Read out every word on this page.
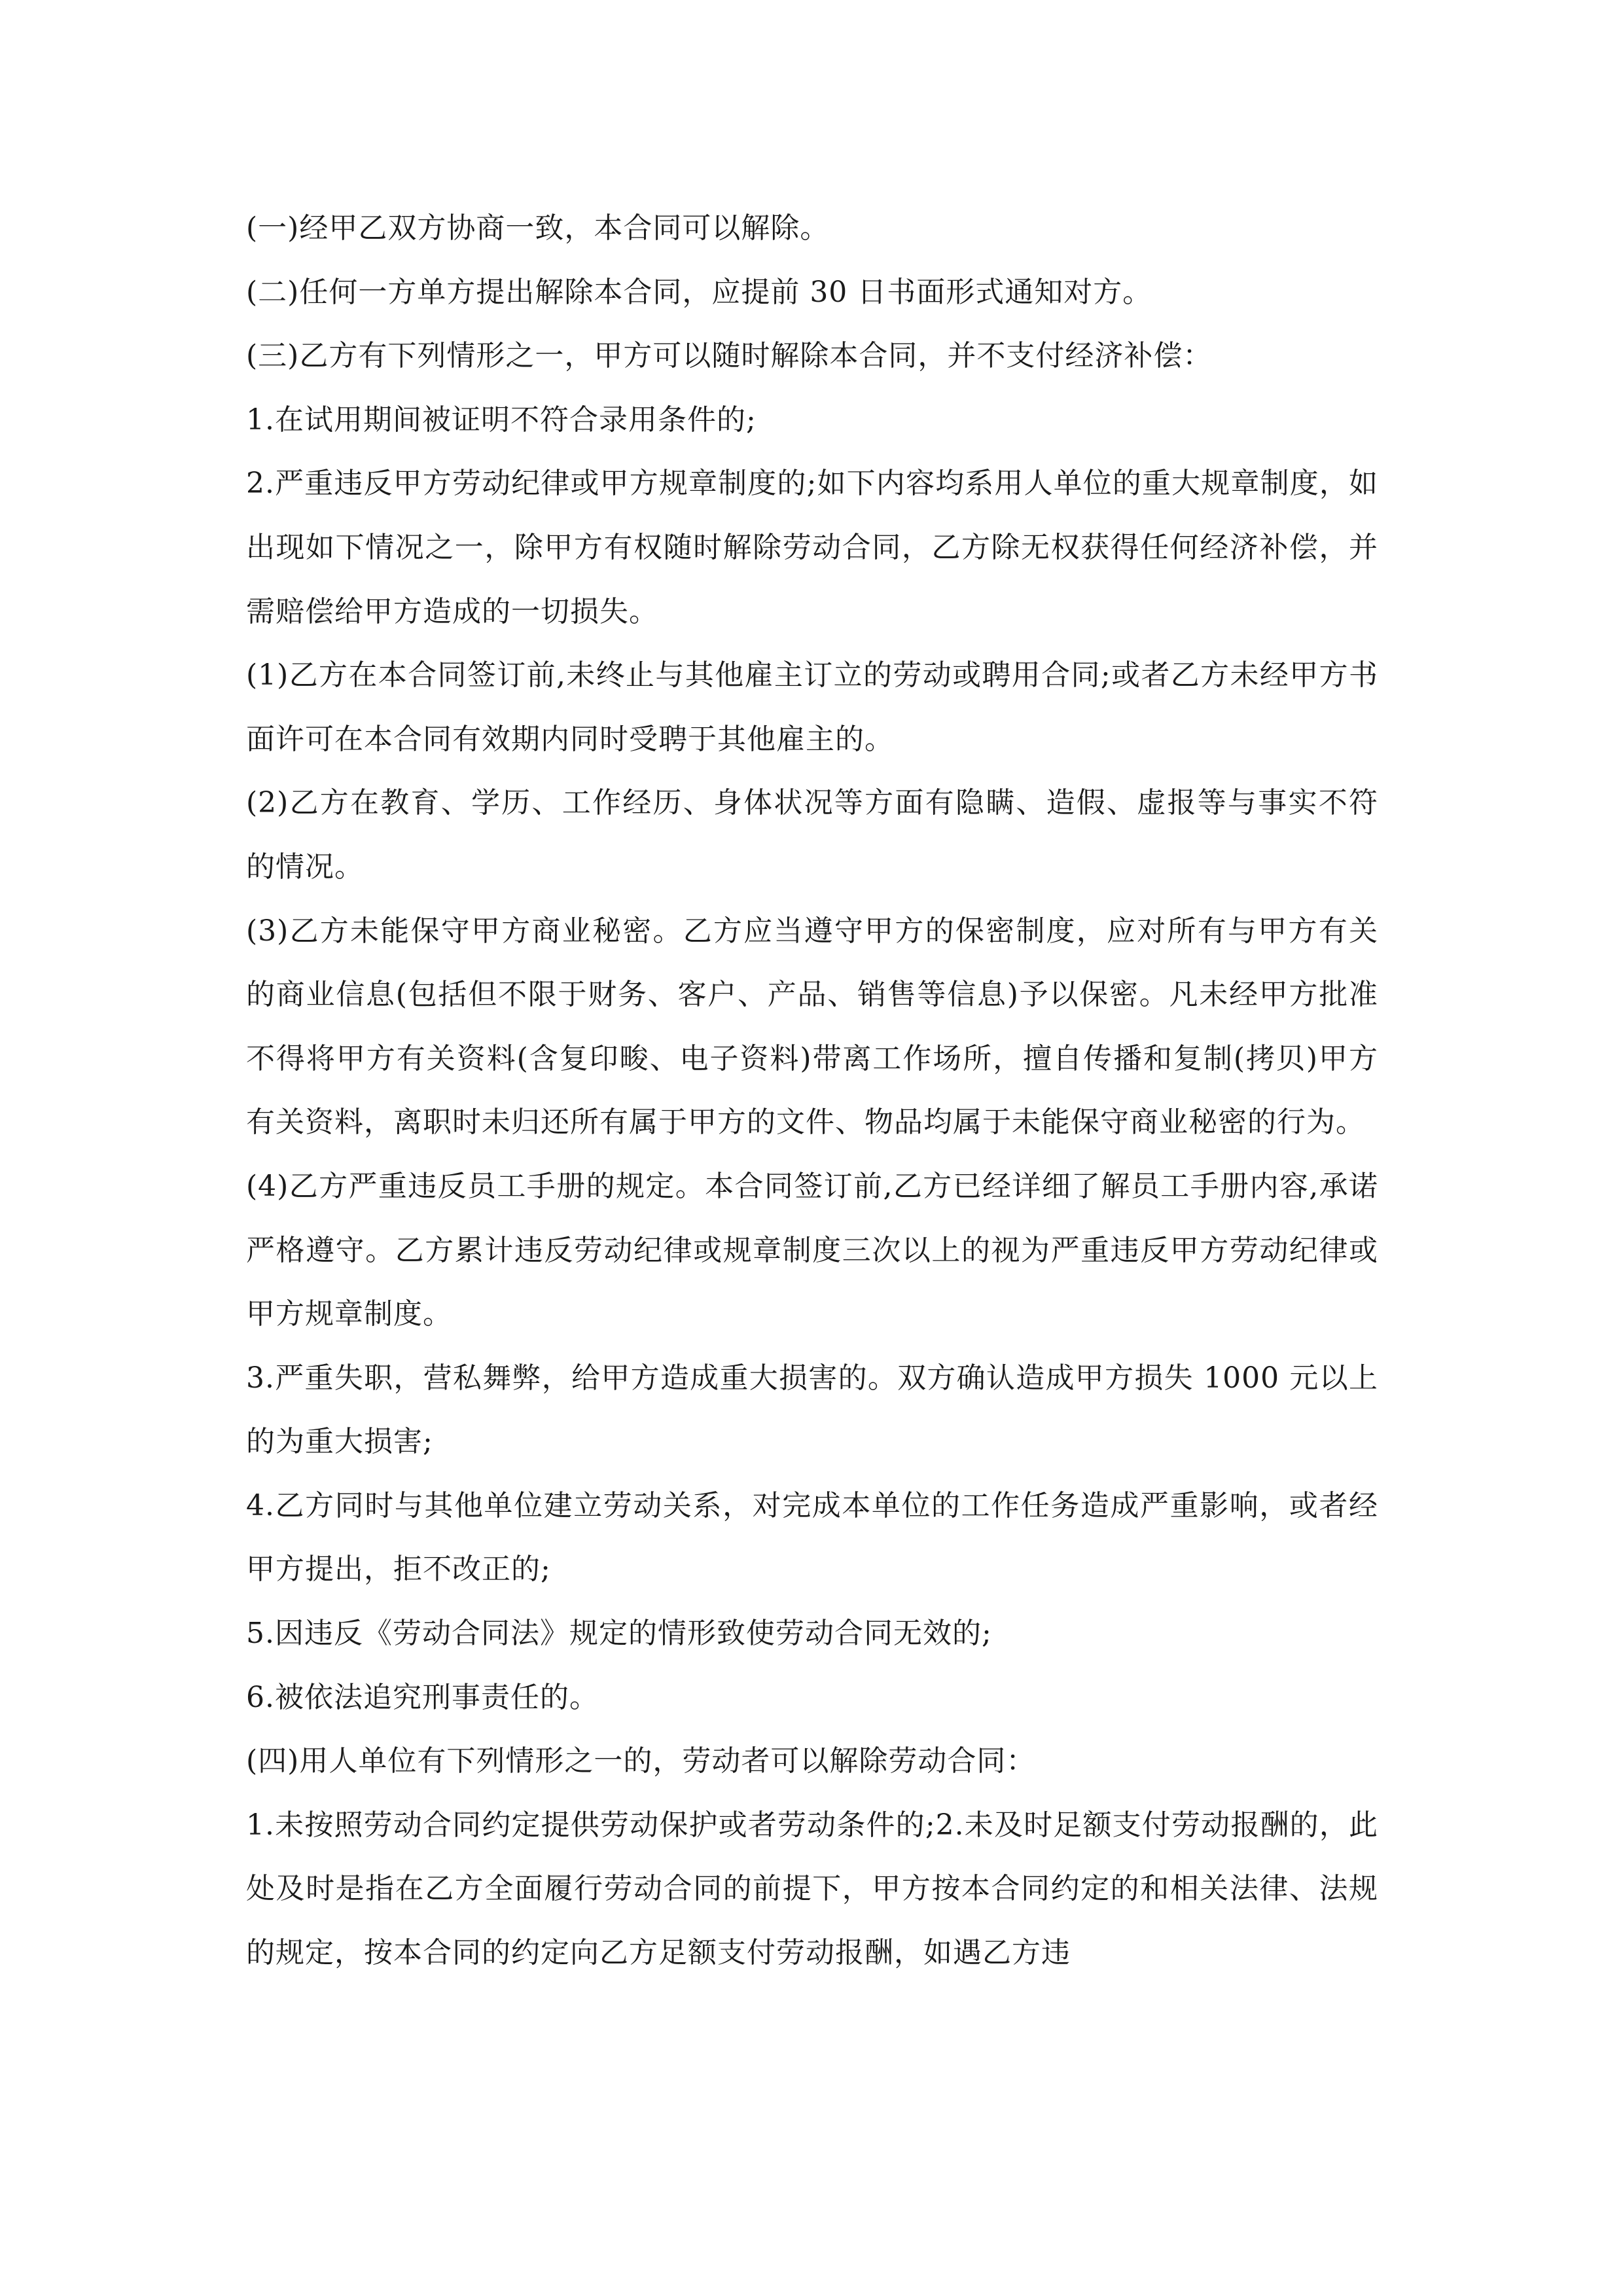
(一)经甲乙双方协商一致，本合同可以解除。

(二)任何一方单方提出解除本合同，应提前 30 日书面形式通知对方。

(三)乙方有下列情形之一，甲方可以随时解除本合同，并不支付经济补偿：

1.在试用期间被证明不符合录用条件的;

2.严重违反甲方劳动纪律或甲方规章制度的;如下内容均系用人单位的重大规章制度，如出现如下情况之一，除甲方有权随时解除劳动合同，乙方除无权获得任何经济补偿，并需赔偿给甲方造成的一切损失。

(1)乙方在本合同签订前,未终止与其他雇主订立的劳动或聘用合同;或者乙方未经甲方书面许可在本合同有效期内同时受聘于其他雇主的。

(2)乙方在教育、学历、工作经历、身体状况等方面有隐瞒、造假、虚报等与事实不符的情况。

(3)乙方未能保守甲方商业秘密。乙方应当遵守甲方的保密制度，应对所有与甲方有关的商业信息(包括但不限于财务、客户、产品、销售等信息)予以保密。凡未经甲方批准不得将甲方有关资料(含复印畯、电子资料)带离工作场所，擅自传播和复制(拷贝)甲方有关资料，离职时未归还所有属于甲方的文件、物品均属于未能保守商业秘密的行为。

(4)乙方严重违反员工手册的规定。本合同签订前,乙方已经详细了解员工手册内容,承诺严格遵守。乙方累计违反劳动纪律或规章制度三次以上的视为严重违反甲方劳动纪律或甲方规章制度。

3.严重失职，营私舞弊，给甲方造成重大损害的。双方确认造成甲方损失 1000 元以上的为重大损害;

4.乙方同时与其他单位建立劳动关系，对完成本单位的工作任务造成严重影响，或者经甲方提出，拒不改正的;

5.因违反《劳动合同法》规定的情形致使劳动合同无效的;

6.被依法追究刑事责任的。

(四)用人单位有下列情形之一的，劳动者可以解除劳动合同：

1.未按照劳动合同约定提供劳动保护或者劳动条件的;2.未及时足额支付劳动报酬的，此处及时是指在乙方全面履行劳动合同的前提下，甲方按本合同约定的和相关法律、法规的规定，按本合同的约定向乙方足额支付劳动报酬，如遇乙方违
